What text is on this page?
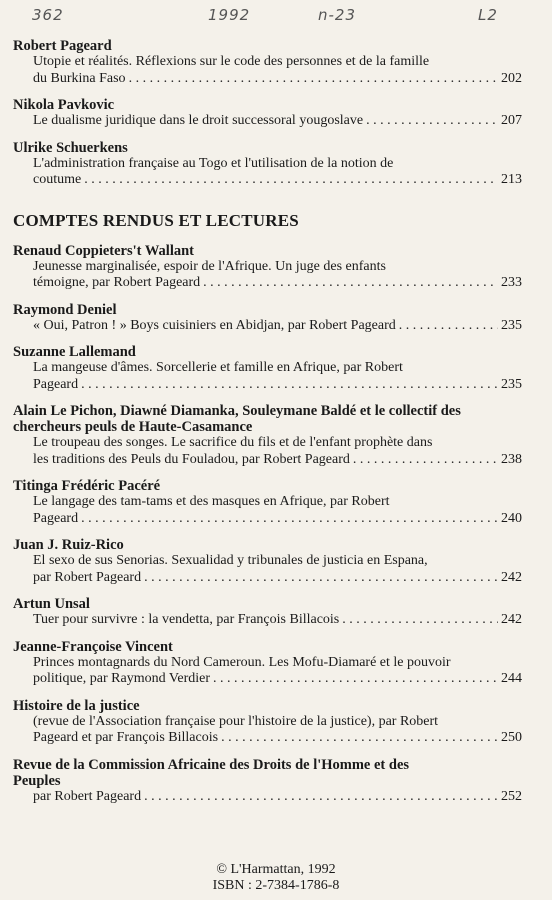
362	1992	n-23	L2
Robert Pageard
Utopie et réalités. Réflexions sur le code des personnes et de la famille
du Burkina Faso . . .	202
Nikola Pavkovic
Le dualisme juridique dans le droit successoral yougoslave . . .	207
Ulrike Schuerkens
L'administration française au Togo et l'utilisation de la notion de
coutume . . .	213
COMPTES RENDUS ET LECTURES
Renaud Coppieters't Wallant
Jeunesse marginalisée, espoir de l'Afrique. Un juge des enfants
témoigne, par Robert Pageard . . .	233
Raymond Deniel
« Oui, Patron ! » Boys cuisiniers en Abidjan, par Robert Pageard . . .	235
Suzanne Lallemand
La mangeuse d'âmes. Sorcellerie et famille en Afrique, par Robert
Pageard . . .	235
Alain Le Pichon, Diawné Diamanka, Souleymane Baldé et le collectif des
chercheurs peuls de Haute-Casamance
Le troupeau des songes. Le sacrifice du fils et de l'enfant prophète dans
les traditions des Peuls du Fouladou, par Robert Pageard . . .	238
Titinga Frédéric Pacéré
Le langage des tam-tams et des masques en Afrique, par Robert
Pageard . . .	240
Juan J. Ruiz-Rico
El sexo de sus Senorias. Sexualidad y tribunales de justicia en Espana,
par Robert Pageard . . .	242
Artun Unsal
Tuer pour survivre : la vendetta, par François Billacois . . .	242
Jeanne-Françoise Vincent
Princes montagnards du Nord Cameroun. Les Mofu-Diamaré et le pouvoir
politique, par Raymond Verdier . . .	244
Histoire de la justice
(revue de l'Association française pour l'histoire de la justice), par Robert
Pageard et par François Billacois . . .	250
Revue de la Commission Africaine des Droits de l'Homme et des
Peuples
par Robert Pageard . . .	252
© L'Harmattan, 1992
ISBN : 2-7384-1786-8
